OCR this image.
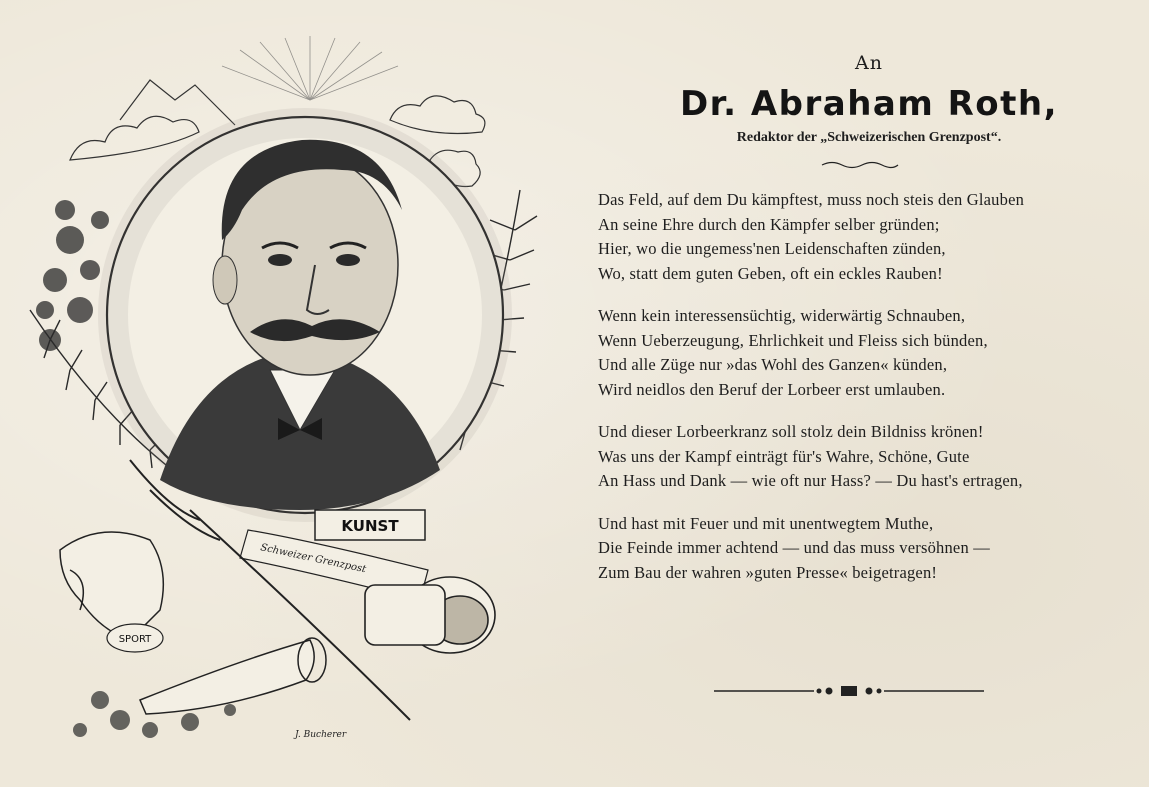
KUNST
Schweizer Grenzpost
SPORT
J. Bucherer
An
Dr. Abraham Roth,
Redaktor der „Schweizerischen Grenzpost“.
Das Feld, auf dem Du kämpftest, muss noch steis den Glauben
An seine Ehre durch den Kämpfer selber gründen;
Hier, wo die ungemess'nen Leidenschaften zünden,
Wo, statt dem guten Geben, oft ein eckles Rauben!
Wenn kein interessensüchtig, widerwärtig Schnauben,
Wenn Ueberzeugung, Ehrlichkeit und Fleiss sich bünden,
Und alle Züge nur »das Wohl des Ganzen« künden,
Wird neidlos den Beruf der Lorbeer erst umlauben.
Und dieser Lorbeerkranz soll stolz dein Bildniss krönen!
Was uns der Kampf einträgt für's Wahre, Schöne, Gute
An Hass und Dank — wie oft nur Hass? — Du hast's ertragen,
Und hast mit Feuer und mit unentwegtem Muthe,
Die Feinde immer achtend — und das muss versöhnen —
Zum Bau der wahren »guten Presse« beigetragen!
